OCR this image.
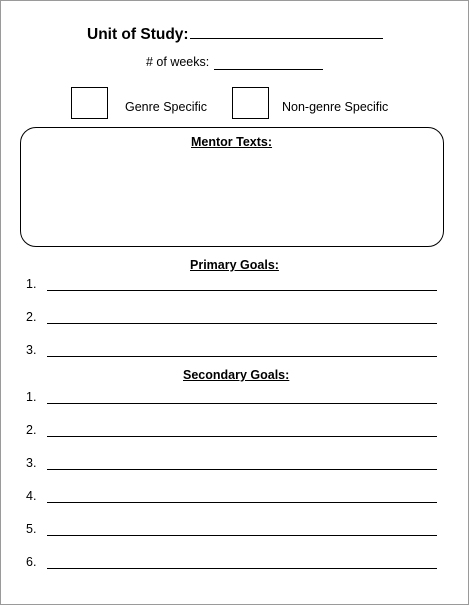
Unit of Study:
# of weeks:
Genre Specific	Non-genre Specific
Mentor Texts:
Primary Goals:
1.
2.
3.
Secondary Goals:
1.
2.
3.
4.
5.
6.
